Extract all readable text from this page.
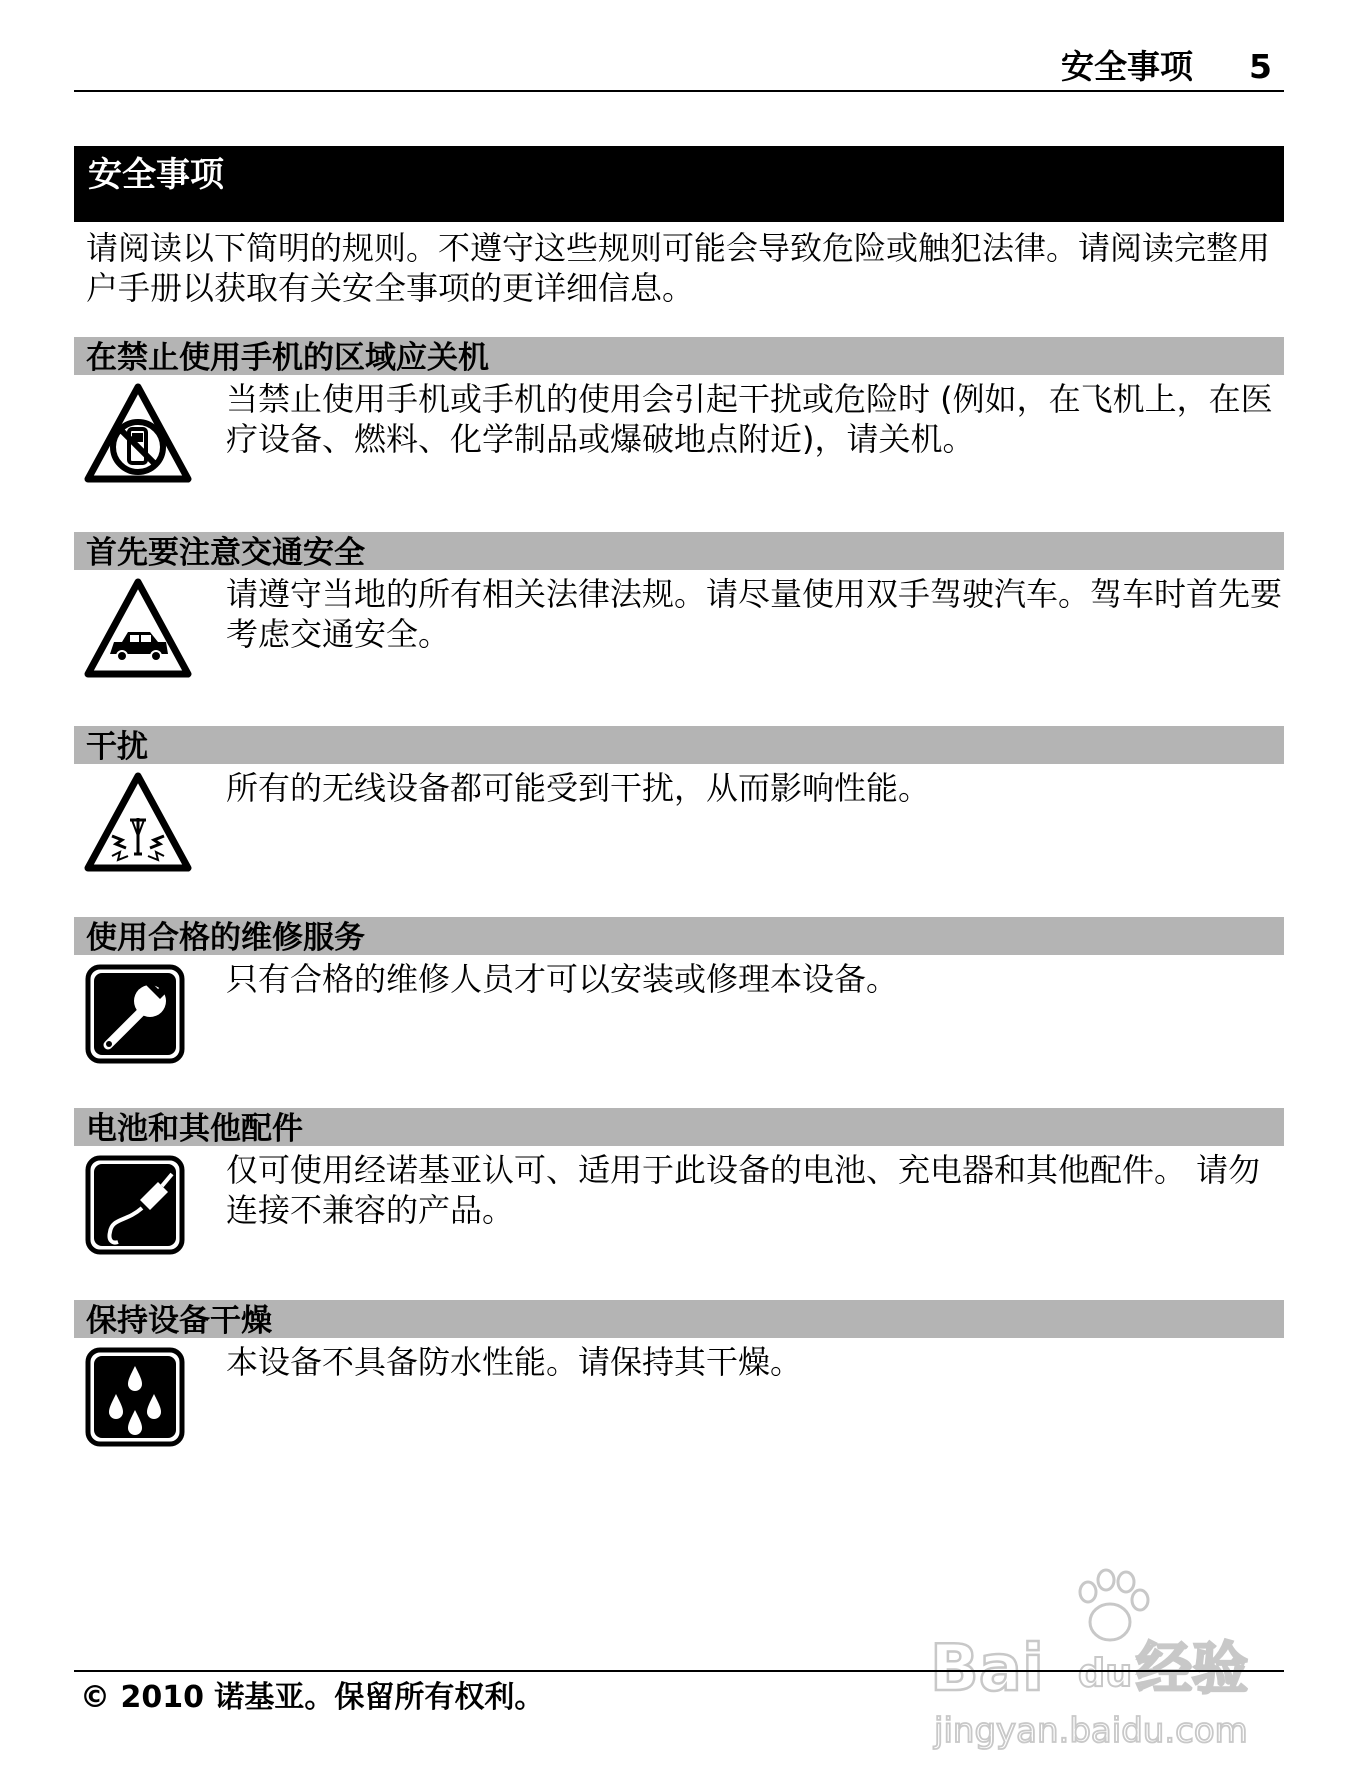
安全事项 5
安全事项

请阅读以下简明的规则。不遵守这些规则可能会导致危险或触犯法律。请阅读完整用户手册以获取有关安全事项的更详细信息。

在禁止使用手机的区域应关机

当禁止使用手机或手机的使用会引起干扰或危险时 (例如，在飞机上，在医疗设备、燃料、化学制品或爆破地点附近)，请关机。

首先要注意交通安全

请遵守当地的所有相关法律法规。请尽量使用双手驾驶汽车。驾车时首先要考虑交通安全。

干扰

所有的无线设备都可能受到干扰，从而影响性能。

使用合格的维修服务

只有合格的维修人员才可以安装或修理本设备。

电池和其他配件

仅可使用经诺基亚认可、适用于此设备的电池、充电器和其他配件。 请勿连接不兼容的产品。

保持设备干燥

本设备不具备防水性能。请保持其干燥。

Bai du 经验
jingyan.baidu.com
© 2010 诺基亚。保留所有权利。
